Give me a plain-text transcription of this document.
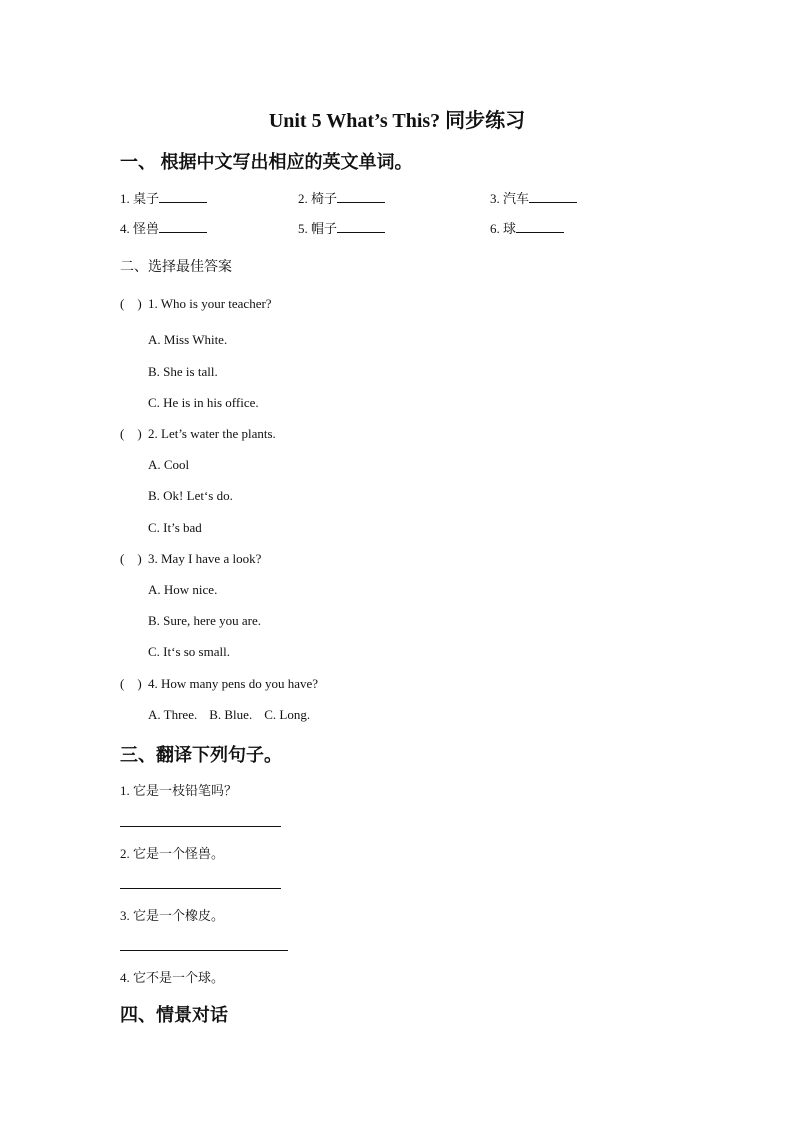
Unit 5 What’s This? 同步练习
一、 根据中文写出相应的英文单词。
1. 桌子	2. 椅子	3. 汽车
4. 怪兽	5. 帽子	6. 球
二、选择最佳答案
( ) 1. Who is your teacher?
A. Miss White.
B. She is tall.
C. He is in his office.
( ) 2. Let’s water the plants.
A. Cool
B. Ok! Let‘s do.
C. It’s bad
( ) 3. May I have a look?
A. How nice.
B. Sure, here you are.
C. It‘s so small.
( ) 4. How many pens do you have?
A. Three. B. Blue. C. Long.
三、翻译下列句子。
1. 它是一枝铅笔吗？
2. 它是一个怪兽。
3. 它是一个橡皮。
4. 它不是一个球。
四、情景对话
